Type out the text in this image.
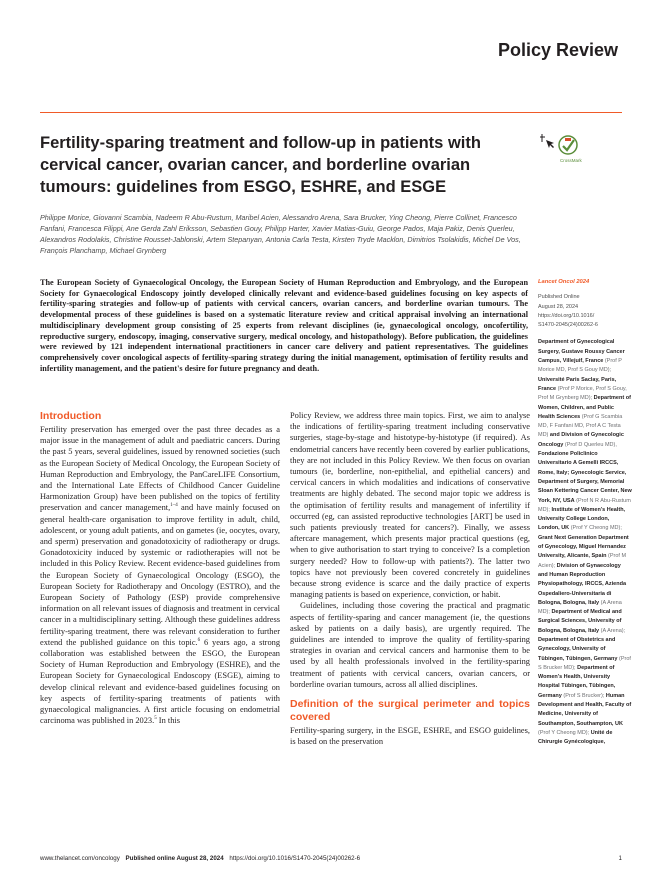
Policy Review
Fertility-sparing treatment and follow-up in patients with cervical cancer, ovarian cancer, and borderline ovarian tumours: guidelines from ESGO, ESHRE, and ESGE
CrossMark
Philippe Morice, Giovanni Scambia, Nadeem R Abu-Rustum, Maribel Acien, Alessandro Arena, Sara Brucker, Ying Cheong, Pierre Collinet, Francesco Fanfani, Francesca Filippi, Ane Gerda Zahl Eriksson, Sebastien Gouy, Philipp Harter, Xavier Matias-Guiu, George Pados, Maja Pakiz, Denis Querleu, Alexandros Rodolakis, Christine Rousset-Jablonski, Artem Stepanyan, Antonia Carla Testa, Kirsten Tryde Macklon, Dimitrios Tsolakidis, Michel De Vos, François Planchamp, Michael Grynberg
The European Society of Gynaecological Oncology, the European Society of Human Reproduction and Embryology, and the European Society for Gynaecological Endoscopy jointly developed clinically relevant and evidence-based guidelines focusing on key aspects of fertility-sparing strategies and follow-up of patients with cervical cancers, ovarian cancers, and borderline ovarian tumours. The developmental process of these guidelines is based on a systematic literature review and critical appraisal involving an international multidisciplinary development group consisting of 25 experts from relevant disciplines (ie, gynaecological oncology, oncofertility, reproductive surgery, endoscopy, imaging, conservative surgery, medical oncology, and histopathology). Before publication, the guidelines were reviewed by 121 independent international practitioners in cancer care delivery and patient representatives. The guidelines comprehensively cover oncological aspects of fertility-sparing strategy during the initial management, optimisation of fertility results and infertility management, and the patient's desire for future pregnancy and death.
Introduction

Fertility preservation has emerged over the past three decades as a major issue in the management of adult and paediatric cancers. During the past 5 years, several guidelines, issued by renowned societies (such as the European Society of Medical Oncology, the European Society of Human Reproduction and Embryology, the PanCareLIFE Consortium, and the International Late Effects of Childhood Cancer Guideline Harmonization Group) have been published on the topics of fertility preservation and cancer management,$^{1-4}$ and have mainly focused on general health-care organisation to improve fertility in adult, child, adolescent, or young adult patients, and on gametes (ie, oocytes, ovary, and sperm) preservation and gonadotoxicity of radiotherapy or drugs. Gonadotoxicity induced by systemic or radiotherapies will not be included in this Policy Review. Recent evidence-based guidelines from the European Society of Gynaecological Oncology (ESGO), the European Society for Radiotherapy and Oncology (ESTRO), and the European Society of Pathology (ESP) provide comprehensive information on all relevant issues of diagnosis and treatment in cervical cancer in a multidisciplinary setting. Although these guidelines address fertility-sparing treatment, there was relevant consideration to further extend the published guidance on this topic.$^6$ 6 years ago, a strong collaboration was established between the ESGO, the European Society of Human Reproduction and Embryology (ESHRE), and the European Society for Gynaecological Endoscopy (ESGE), aiming to develop clinical relevant and evidence-based guidelines focusing on key aspects of fertility-sparing treatments of patients with gynaecological malignancies. A first article focusing on endometrial carcinoma was published in 2023.$^5$ In this

Policy Review, we address three main topics. First, we aim to analyse the indications of fertility-sparing treatment including conservative surgeries, stage-by-stage and histotype-by-histotype (if required). As endometrial cancers have recently been covered by earlier publications, they are not included in this Policy Review. We then focus on ovarian tumours (ie, borderline, non-epithelial, and epithelial cancers) and cervical cancers in which modalities and indications of conservative treatments are highly debated. The second major topic we address is the optimisation of fertility results and management of infertility if occurred (eg, can assisted reproductive technologies [ART] be used in such patients previously treated for cancers?). Finally, we assess aftercare management, which presents major practical questions (eg, when to give authorisation to start trying to conceive? Is a completion surgery needed? How to follow-up with patients?). The latter two topics have not previously been covered concretely in guidelines because strong evidence is scarce and the daily practice of experts managing patients is based on experience, conviction, or habit.

Guidelines, including those covering the practical and pragmatic aspects of fertility-sparing and cancer management (ie, the questions asked by patients on a daily basis), are urgently required. The guidelines are intended to improve the quality of fertility-sparing strategies in ovarian and cervical cancers and harmonise them to be used by all health professionals involved in the fertility-sparing treatment of patients with cervical cancers, ovarian cancers, or borderline ovarian tumours, across all allied disciplines.

Definition of the surgical perimeter and topics covered

Fertility-sparing surgery, in the ESGE, ESHRE, and ESGO guidelines, is based on the preservation

Lancet Oncol 2024
Published Online
August 28, 2024
https://doi.org/10.1016/
S1470-2045(24)00262-6
Department of Gynecological Surgery, Gustave Roussy Cancer Campus, Villejuif, France (Prof P Morice MD, Prof S Gouy MD); Université Paris Saclay, Paris, France (Prof P Morice, Prof S Gouy, Prof M Grynberg MD); Department of Women, Children, and Public Health Sciences (Prof G Scambia MD, F Fanfani MD, Prof A C Testa MD) and Division of Gynecologic Oncology (Prof D Querleu MD), Fondazione Policlinico Universitario A Gemelli IRCCS, Rome, Italy; Gynecologic Service, Department of Surgery, Memorial Sloan Kettering Cancer Center, New York, NY, USA (Prof N R Abu-Rustum MD); Institute of Women's Health, University College London, London, UK (Prof Y Cheong MD); Grant Next Generation Department of Gynecology, Miguel Hernandez University, Alicante, Spain (Prof M Acien); Division of Gynaecology and Human Reproduction Physiopathology, IRCCS, Azienda Ospedaliero-Universitaria di Bologna, Bologna, Italy (A Arena MD); Department of Medical and Surgical Sciences, University of Bologna, Bologna, Italy (A Arena); Department of Obstetrics and Gynecology, University of Tübingen, Tübingen, Germany (Prof S Brucker MD); Department of Women's Health, University Hospital Tübingen, Tübingen, Germany (Prof S Brucker); Human Development and Health, Faculty of Medicine, University of Southampton, Southampton, UK (Prof Y Cheong MD); Unité de Chirurgie Gynécologique,
www.thelancet.com/oncology Published online August 28, 2024 https://doi.org/10.1016/S1470-2045(24)00262-6	1
